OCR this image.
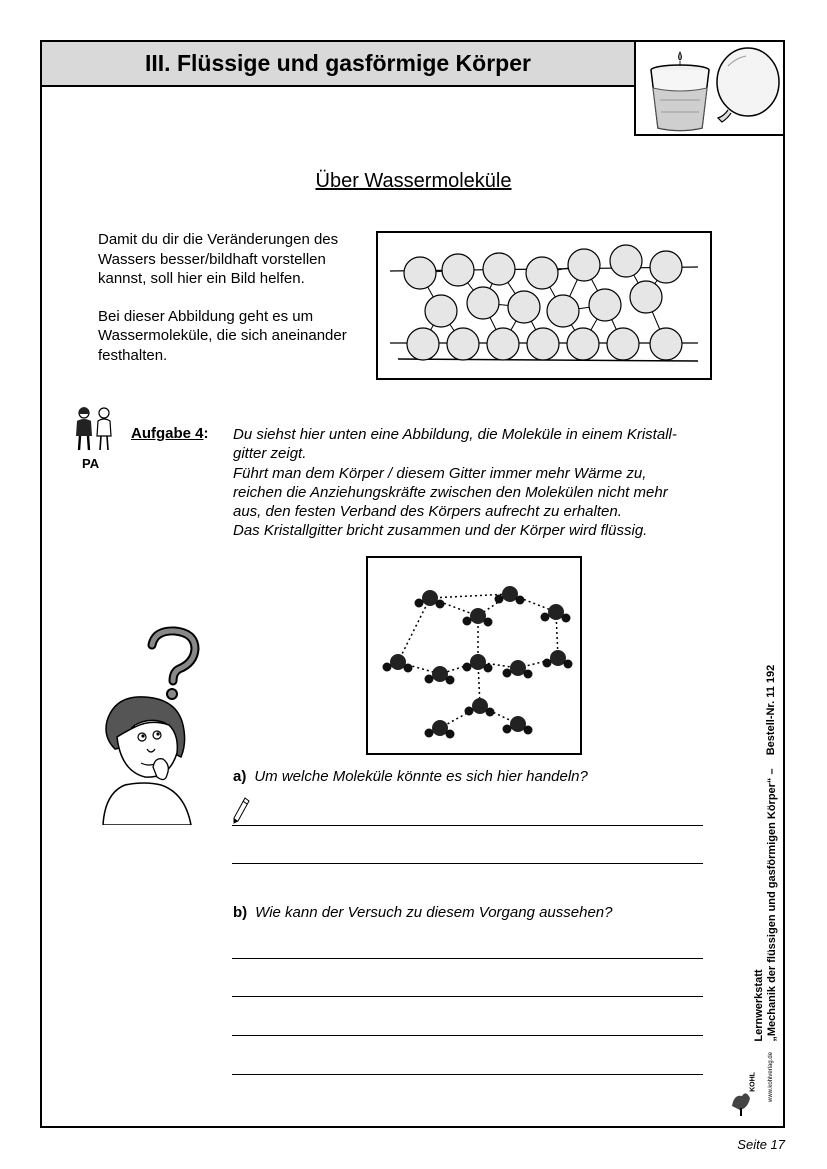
III. Flüssige und gasförmige Körper
Über Wassermoleküle

Damit du dir die Veränderungen des
Wassers besser/bildhaft vorstellen
kannst, soll hier ein Bild helfen.

Bei dieser Abbildung geht es um
Wassermoleküle, die sich aneinander
festhalten.

PA
Aufgabe 4: Du siehst hier unten eine Abbildung, die Moleküle in einem Kristall-
gitter zeigt.
Führt man dem Körper / diesem Gitter immer mehr Wärme zu,
reichen die Anziehungskräfte zwischen den Molekülen nicht mehr
aus, den festen Verband des Körpers aufrecht zu erhalten.
Das Kristallgitter bricht zusammen und der Körper wird flüssig.
a) Um welche Moleküle könnte es sich hier handeln?
b) Wie kann der Versuch zu diesem Vorgang aussehen?
Bestell-Nr. 11 192
Lernwerkstatt „Mechanik der flüssigen und gasförmigen Körper“ –
KOHL www.kohlverlag.de
Seite 17
